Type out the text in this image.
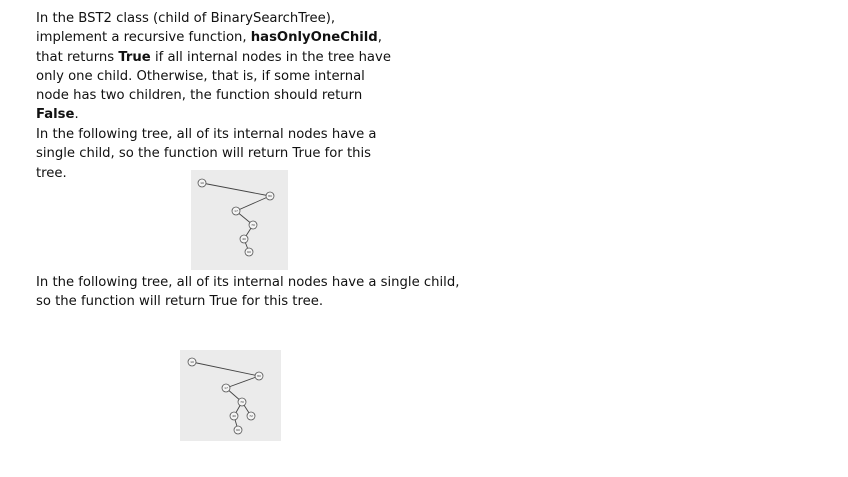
In the BST2 class (child of BinarySearchTree),
implement a recursive function, hasOnlyOneChild,
that returns True if all internal nodes in the tree have
only one child. Otherwise, that is, if some internal
node has two children, the function should return
False.
In the following tree, all of its internal nodes have a
single child, so the function will return True for this
tree.
10
80
17
70
40
60
In the following tree, all of its internal nodes have a single child,
so the function will return True for this tree.
10
80
17
70
40	72
60
